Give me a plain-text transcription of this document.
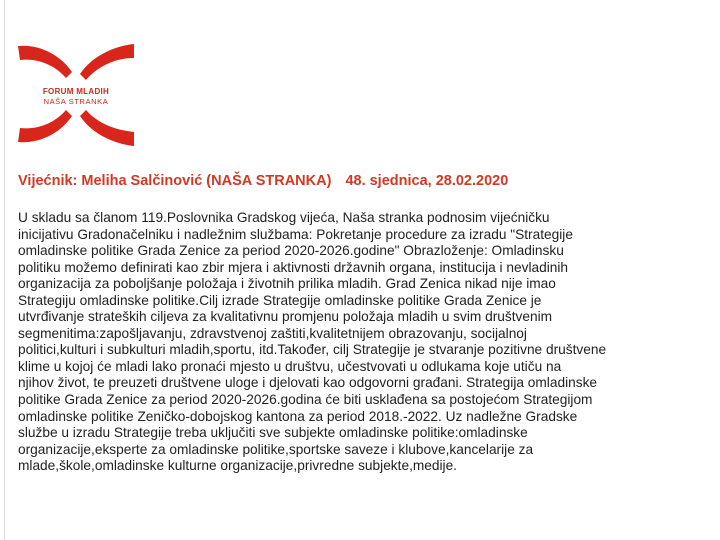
FORUM MLADIH
NAŠA STRANKA
Vijećnik: Meliha Salčinović (NAŠA STRANKA) 48. sjednica, 28.02.2020
U skladu sa članom 119.Poslovnika Gradskog vijeća, Naša stranka podnosim vijećničku
inicijativu Gradonačelniku i nadležnim službama: Pokretanje procedure za izradu "Strategije
omladinske politike Grada Zenice za period 2020-2026.godine" Obrazloženje: Omladinsku
politiku možemo definirati kao zbir mjera i aktivnosti državnih organa, institucija i nevladinih
organizacija za poboljšanje položaja i životnih prilika mladih. Grad Zenica nikad nije imao
Strategiju omladinske politike.Cilj izrade Strategije omladinske politike Grada Zenice je
utvrđivanje strateških ciljeva za kvalitativnu promjenu položaja mladih u svim društvenim
segmenitima:zapošljavanju, zdravstvenoj zaštiti,kvalitetnijem obrazovanju, socijalnoj
politici,kulturi i subkulturi mladih,sportu, itd.Također, cilj Strategije je stvaranje pozitivne društvene
klime u kojoj će mladi lako pronaći mjesto u društvu, učestvovati u odlukama koje utiču na
njihov život, te preuzeti društvene uloge i djelovati kao odgovorni građani. Strategija omladinske
politike Grada Zenice za period 2020-2026.godina će biti usklađena sa postojećom Strategijom
omladinske politike Zeničko-dobojskog kantona za period 2018.-2022. Uz nadležne Gradske
službe u izradu Strategije treba uključiti sve subjekte omladinske politike:omladinske
organizacije,eksperte za omladinske politike,sportske saveze i klubove,kancelarije za
mlade,škole,omladinske kulturne organizacije,privredne subjekte,medije.
